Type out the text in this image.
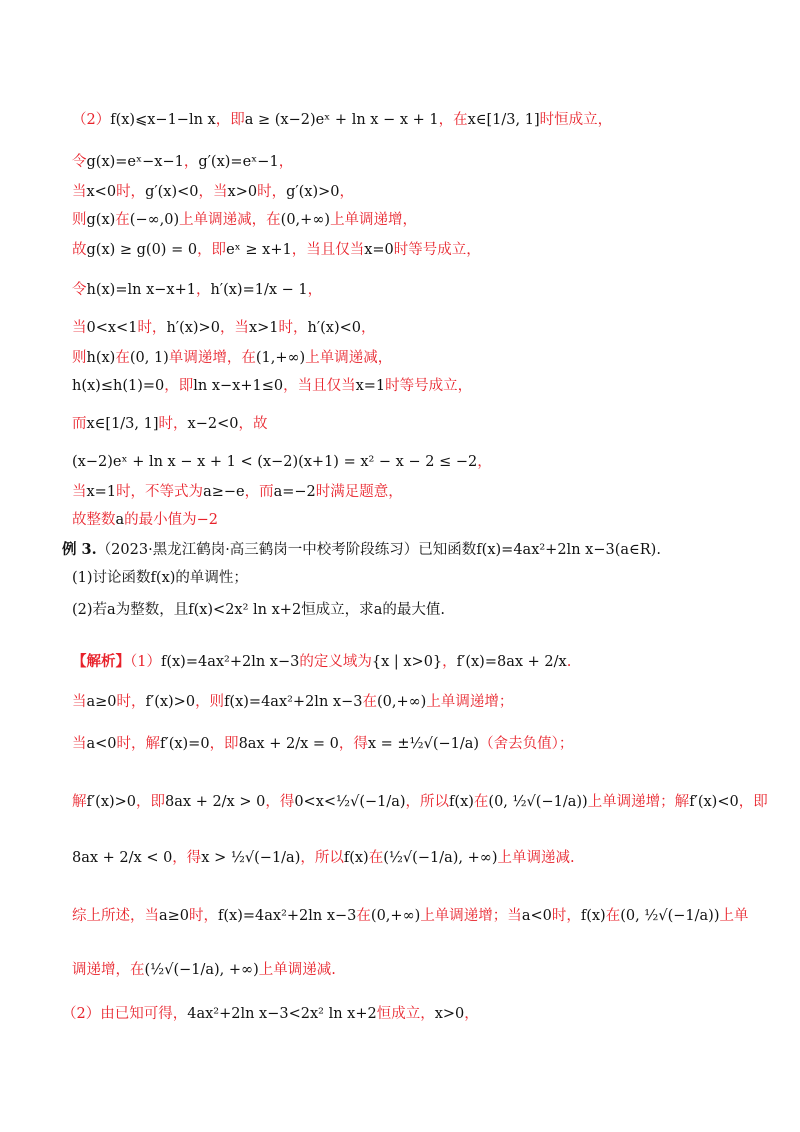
（2）f(x)⩽x−1−ln x，即a ≥ (x−2)eˣ + ln x − x + 1，在x∈[1/3, 1]时恒成立，
令g(x)=eˣ−x−1，g′(x)=eˣ−1，
当x<0时，g′(x)<0，当x>0时，g′(x)>0，
则g(x)在(−∞,0)上单调递减，在(0,+∞)上单调递增，
故g(x) ≥ g(0) = 0，即eˣ ≥ x+1，当且仅当x=0时等号成立，
令h(x)=ln x−x+1，h′(x)=1/x − 1，
当0<x<1时，h′(x)>0，当x>1时，h′(x)<0，
则h(x)在(0, 1)单调递增，在(1,+∞)上单调递减，
h(x)≤h(1)=0，即ln x−x+1≤0，当且仅当x=1时等号成立，
而x∈[1/3, 1]时，x−2<0，故
(x−2)eˣ + ln x − x + 1 < (x−2)(x+1) = x² − x − 2 ≤ −2，
当x=1时，不等式为a≥−e，而a=−2时满足题意，
故整数a的最小值为−2
例 3.（2023·黑龙江鹤岗·高三鹤岗一中校考阶段练习）已知函数f(x)=4ax²+2ln x−3(a∈R).
(1)讨论函数f(x)的单调性；
(2)若a为整数，且f(x)<2x² ln x+2恒成立，求a的最大值.
【解析】（1）f(x)=4ax²+2ln x−3的定义域为{x | x>0}，f′(x)=8ax + 2/x.
当a≥0时，f′(x)>0，则f(x)=4ax²+2ln x−3在(0,+∞)上单调递增；
当a<0时，解f′(x)=0，即8ax + 2/x = 0，得x = ±½√(−1/a)（舍去负值）；
解f′(x)>0，即8ax + 2/x > 0，得0<x<½√(−1/a)，所以f(x)在(0, ½√(−1/a))上单调递增；解f′(x)<0，即
8ax + 2/x < 0，得x > ½√(−1/a)，所以f(x)在(½√(−1/a), +∞)上单调递减.
综上所述，当a≥0时，f(x)=4ax²+2ln x−3在(0,+∞)上单调递增；当a<0时，f(x)在(0, ½√(−1/a))上单
调递增，在(½√(−1/a), +∞)上单调递减.
（2）由已知可得，4ax²+2ln x−3<2x² ln x+2恒成立，x>0，
